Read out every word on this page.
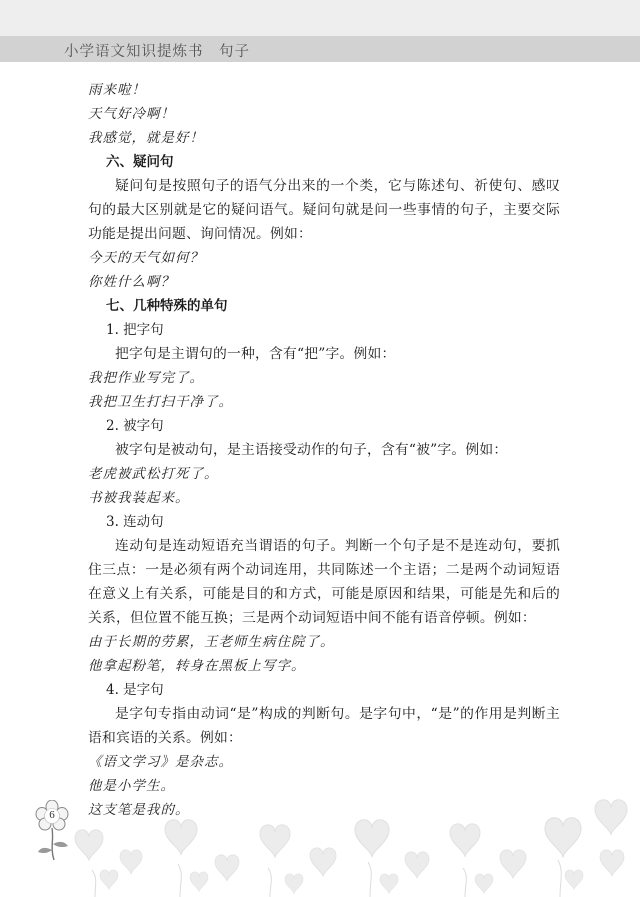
小学语文知识提炼书　句子
雨来啦！
天气好冷啊！
我感觉，就是好！
六、疑问句
疑问句是按照句子的语气分出来的一个类，它与陈述句、祈使句、感叹句的最大区别就是它的疑问语气。疑问句就是问一些事情的句子，主要交际功能是提出问题、询问情况。例如：
今天的天气如何？
你姓什么啊？
七、几种特殊的单句
1. 把字句
把字句是主谓句的一种，含有“把”字。例如：
我把作业写完了。
我把卫生打扫干净了。
2. 被字句
被字句是被动句，是主语接受动作的句子，含有“被”字。例如：
老虎被武松打死了。
书被我装起来。
3. 连动句
连动句是连动短语充当谓语的句子。判断一个句子是不是连动句，要抓住三点：一是必须有两个动词连用，共同陈述一个主语；二是两个动词短语在意义上有关系，可能是目的和方式，可能是原因和结果，可能是先和后的关系，但位置不能互换；三是两个动词短语中间不能有语音停顿。例如：
由于长期的劳累，王老师生病住院了。
他拿起粉笔，转身在黑板上写字。
4. 是字句
是字句专指由动词“是”构成的判断句。是字句中，“是”的作用是判断主语和宾语的关系。例如：
《语文学习》是杂志。
他是小学生。
这支笔是我的。
6
